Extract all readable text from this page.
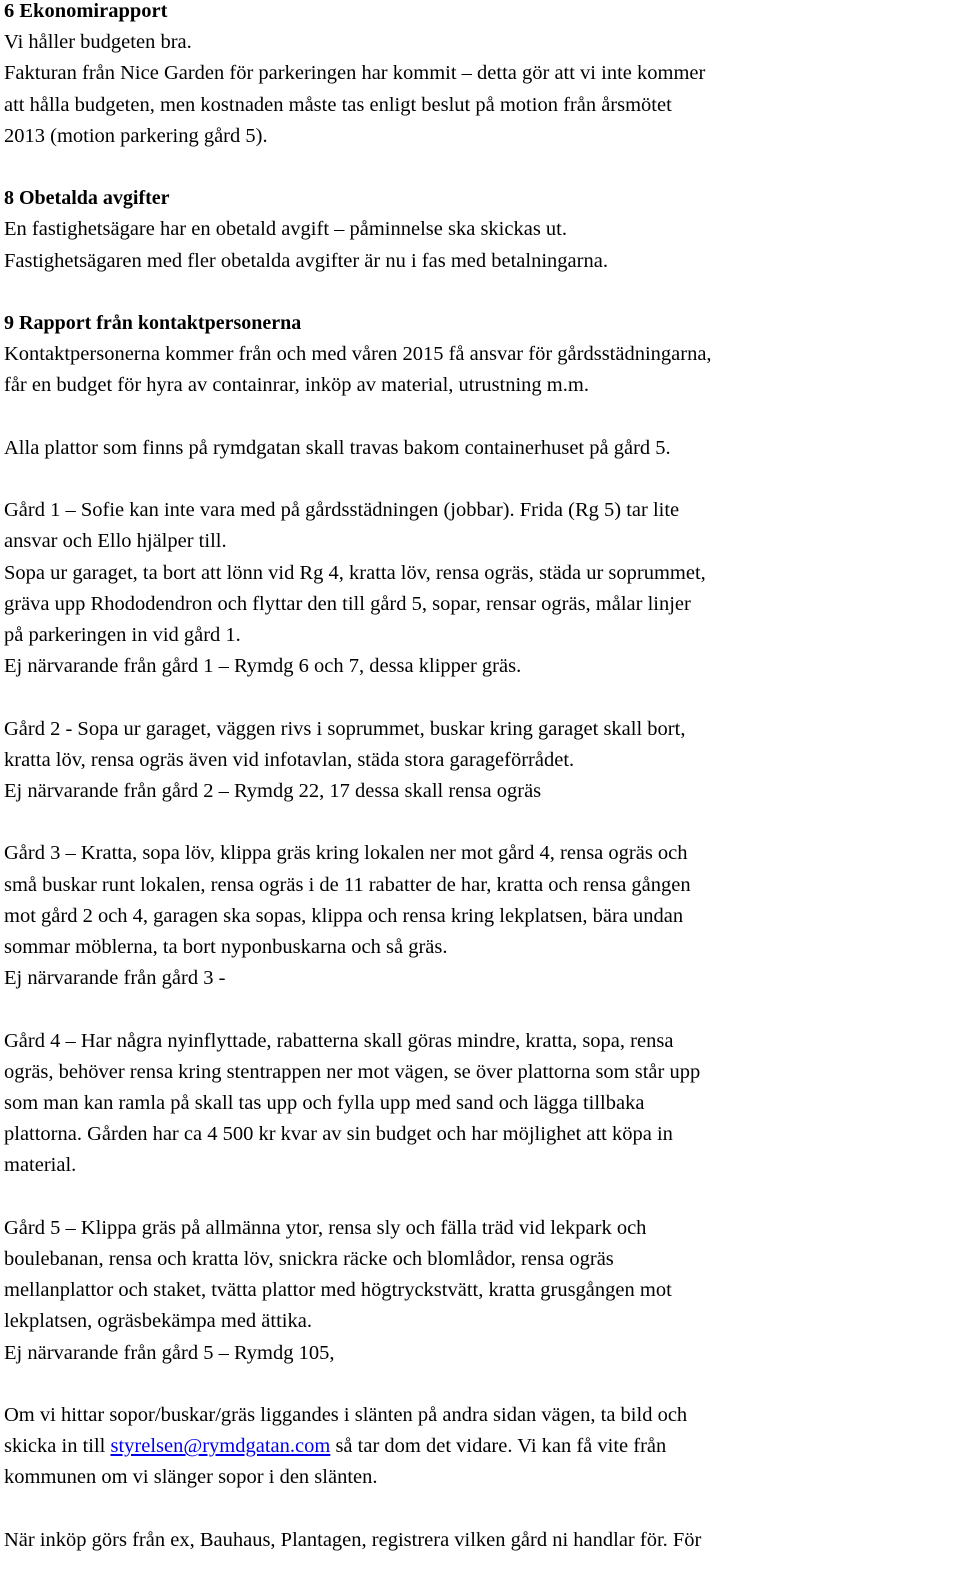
6 Ekonomirapport
Vi håller budgeten bra.
Fakturan från Nice Garden för parkeringen har kommit – detta gör att vi inte kommer
att hålla budgeten, men kostnaden måste tas enligt beslut på motion från årsmötet
2013 (motion parkering gård 5).
8 Obetalda avgifter
En fastighetsägare har en obetald avgift – påminnelse ska skickas ut.
Fastighetsägaren med fler obetalda avgifter är nu i fas med betalningarna.
9 Rapport från kontaktpersonerna
Kontaktpersonerna kommer från och med våren 2015 få ansvar för gårdsstädningarna,
får en budget för hyra av containrar, inköp av material, utrustning m.m.
Alla plattor som finns på rymdgatan skall travas bakom containerhuset på gård 5.
Gård 1 – Sofie kan inte vara med på gårdsstädningen (jobbar). Frida (Rg 5) tar lite
ansvar och Ello hjälper till.
Sopa ur garaget, ta bort att lönn vid Rg 4, kratta löv, rensa ogräs, städa ur soprummet,
gräva upp Rhododendron och flyttar den till gård 5, sopar, rensar ogräs, målar linjer
på parkeringen in vid gård 1.
Ej närvarande från gård 1 – Rymdg 6 och 7, dessa klipper gräs.
Gård 2 - Sopa ur garaget, väggen rivs i soprummet, buskar kring garaget skall bort,
kratta löv, rensa ogräs även vid infotavlan, städa stora garageförrådet.
Ej närvarande från gård 2 – Rymdg 22, 17 dessa skall rensa ogräs
Gård 3 – Kratta, sopa löv, klippa gräs kring lokalen ner mot gård 4, rensa ogräs och
små buskar runt lokalen, rensa ogräs i de 11 rabatter de har, kratta och rensa gången
mot gård 2 och 4, garagen ska sopas, klippa och rensa kring lekplatsen, bära undan
sommar möblerna, ta bort nyponbuskarna och så gräs.
Ej närvarande från gård 3 -
Gård 4 – Har några nyinflyttade, rabatterna skall göras mindre, kratta, sopa, rensa
ogräs, behöver rensa kring stentrappen ner mot vägen, se över plattorna som står upp
som man kan ramla på skall tas upp och fylla upp med sand och lägga tillbaka
plattorna. Gården har ca 4 500 kr kvar av sin budget och har möjlighet att köpa in
material.
Gård 5 – Klippa gräs på allmänna ytor, rensa sly och fälla träd vid lekpark och
boulebanan, rensa och kratta löv, snickra räcke och blomlådor, rensa ogräs
mellanplattor och staket, tvätta plattor med högtryckstvätt, kratta grusgången mot
lekplatsen, ogräsbekämpa med ättika.
Ej närvarande från gård 5 – Rymdg 105,
Om vi hittar sopor/buskar/gräs liggandes i slänten på andra sidan vägen, ta bild och
skicka in till styrelsen@rymdgatan.com så tar dom det vidare. Vi kan få vite från
kommunen om vi slänger sopor i den slänten.
När inköp görs från ex, Bauhaus, Plantagen, registrera vilken gård ni handlar för. För
